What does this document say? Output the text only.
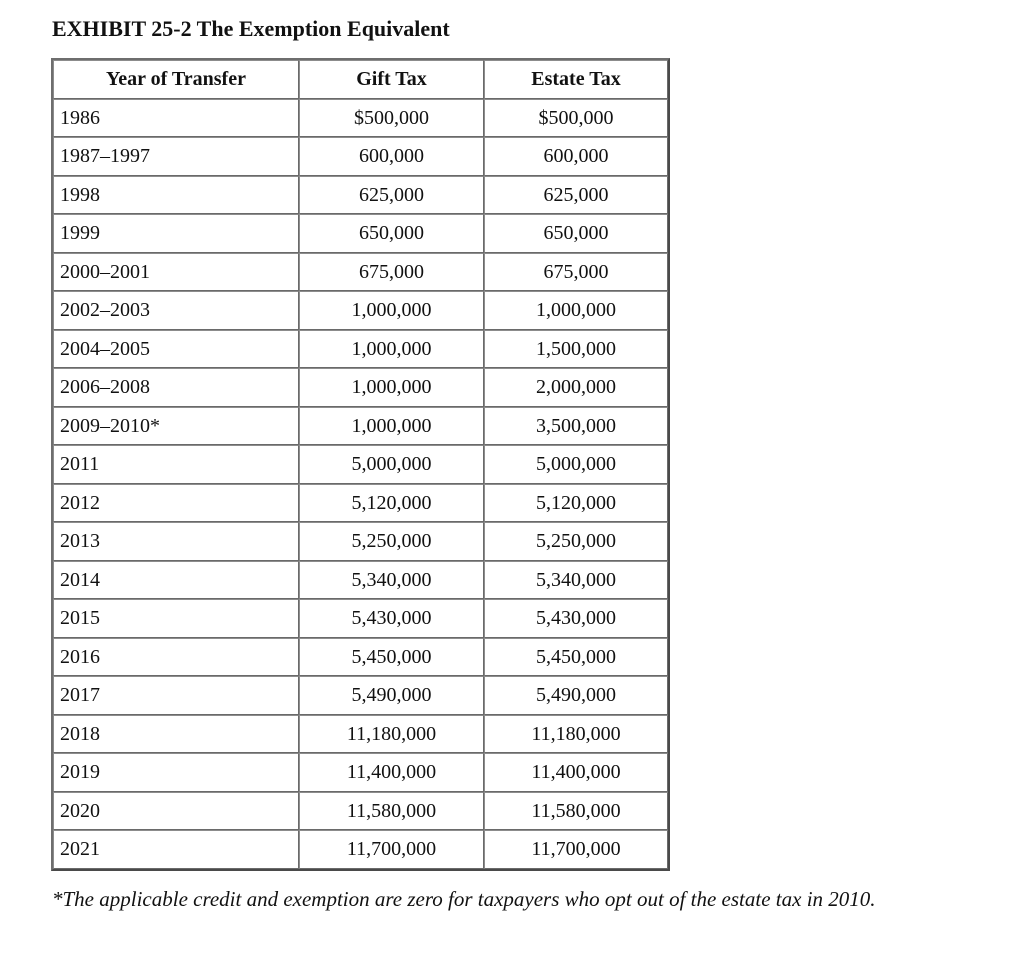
EXHIBIT 25-2 The Exemption Equivalent
Year of Transfer	Gift Tax	Estate Tax
1986	$500,000	$500,000
1987–1997	600,000	600,000
1998	625,000	625,000
1999	650,000	650,000
2000–2001	675,000	675,000
2002–2003	1,000,000	1,000,000
2004–2005	1,000,000	1,500,000
2006–2008	1,000,000	2,000,000
2009–2010*	1,000,000	3,500,000
2011	5,000,000	5,000,000
2012	5,120,000	5,120,000
2013	5,250,000	5,250,000
2014	5,340,000	5,340,000
2015	5,430,000	5,430,000
2016	5,450,000	5,450,000
2017	5,490,000	5,490,000
2018	11,180,000	11,180,000
2019	11,400,000	11,400,000
2020	11,580,000	11,580,000
2021	11,700,000	11,700,000
*The applicable credit and exemption are zero for taxpayers who opt out of the estate tax in 2010.
